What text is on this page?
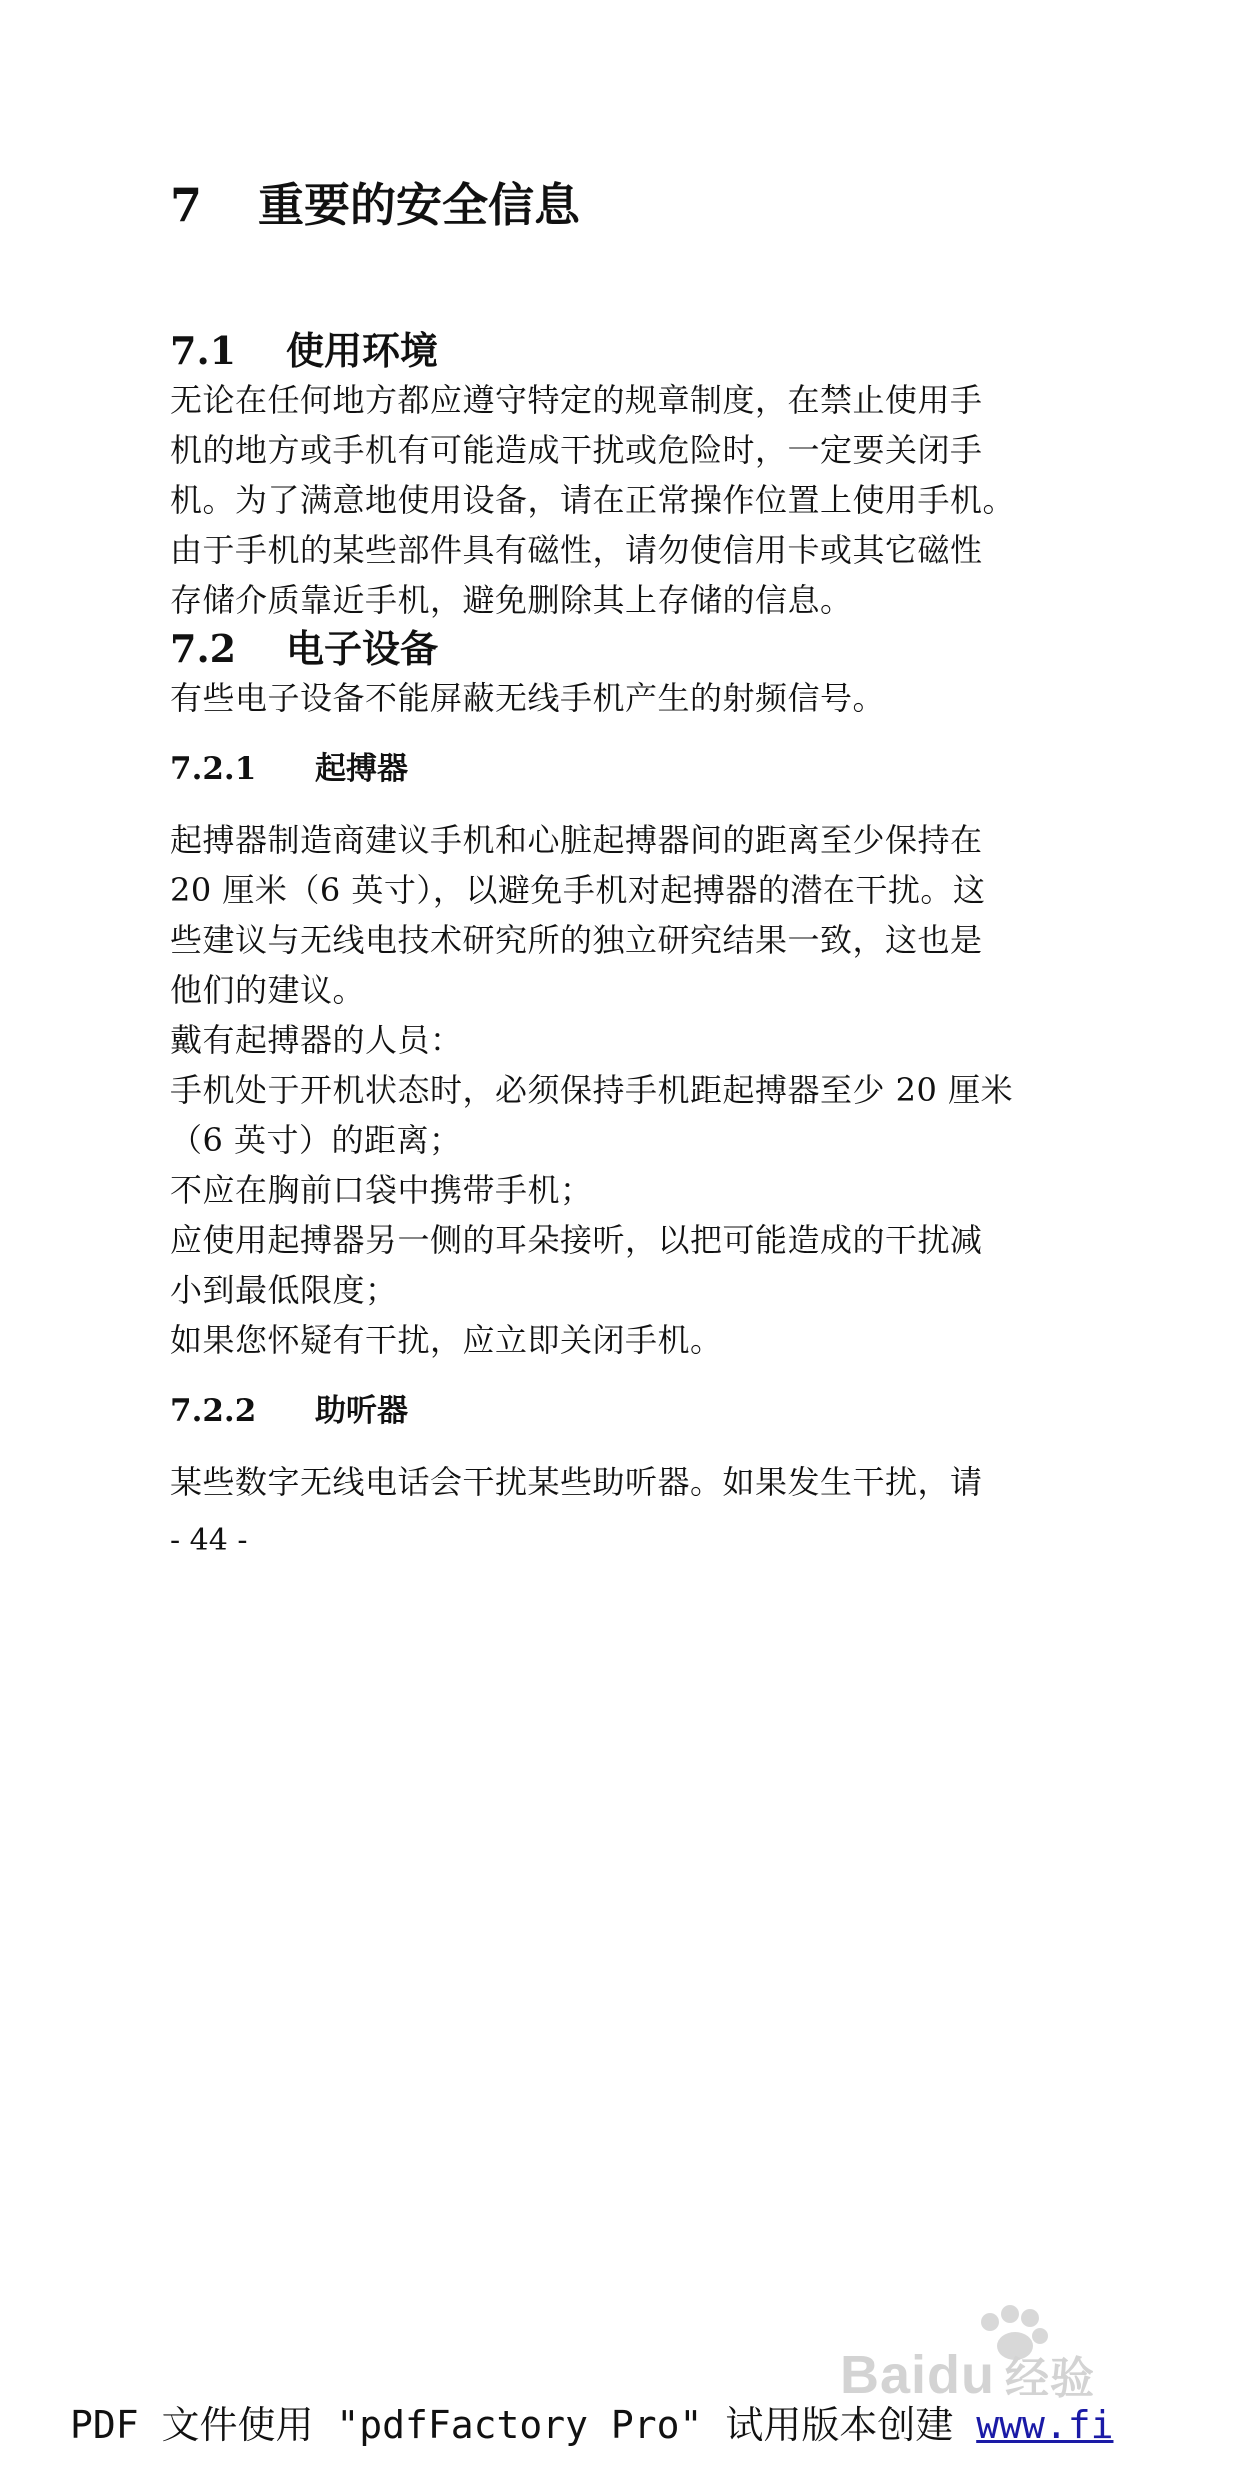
7	重要的安全信息
7.1	使用环境

无论在任何地方都应遵守特定的规章制度，在禁止使用手

机的地方或手机有可能造成干扰或危险时，一定要关闭手

机。为了满意地使用设备，请在正常操作位置上使用手机。

由于手机的某些部件具有磁性，请勿使信用卡或其它磁性

存储介质靠近手机，避免删除其上存储的信息。

7.2	电子设备

有些电子设备不能屏蔽无线手机产生的射频信号。

7.2.1	起搏器

起搏器制造商建议手机和心脏起搏器间的距离至少保持在

20 厘米（6 英寸），以避免手机对起搏器的潜在干扰。这

些建议与无线电技术研究所的独立研究结果一致，这也是

他们的建议。

戴有起搏器的人员：

手机处于开机状态时，必须保持手机距起搏器至少 20 厘米

（6 英寸）的距离；

不应在胸前口袋中携带手机；

应使用起搏器另一侧的耳朵接听，以把可能造成的干扰减

小到最低限度；

如果您怀疑有干扰，应立即关闭手机。

7.2.2	助听器

某些数字无线电话会干扰某些助听器。如果发生干扰，请

- 44 -

Baidu 经验
PDF 文件使用 "pdfFactory Pro" 试用版本创建 www.fi
